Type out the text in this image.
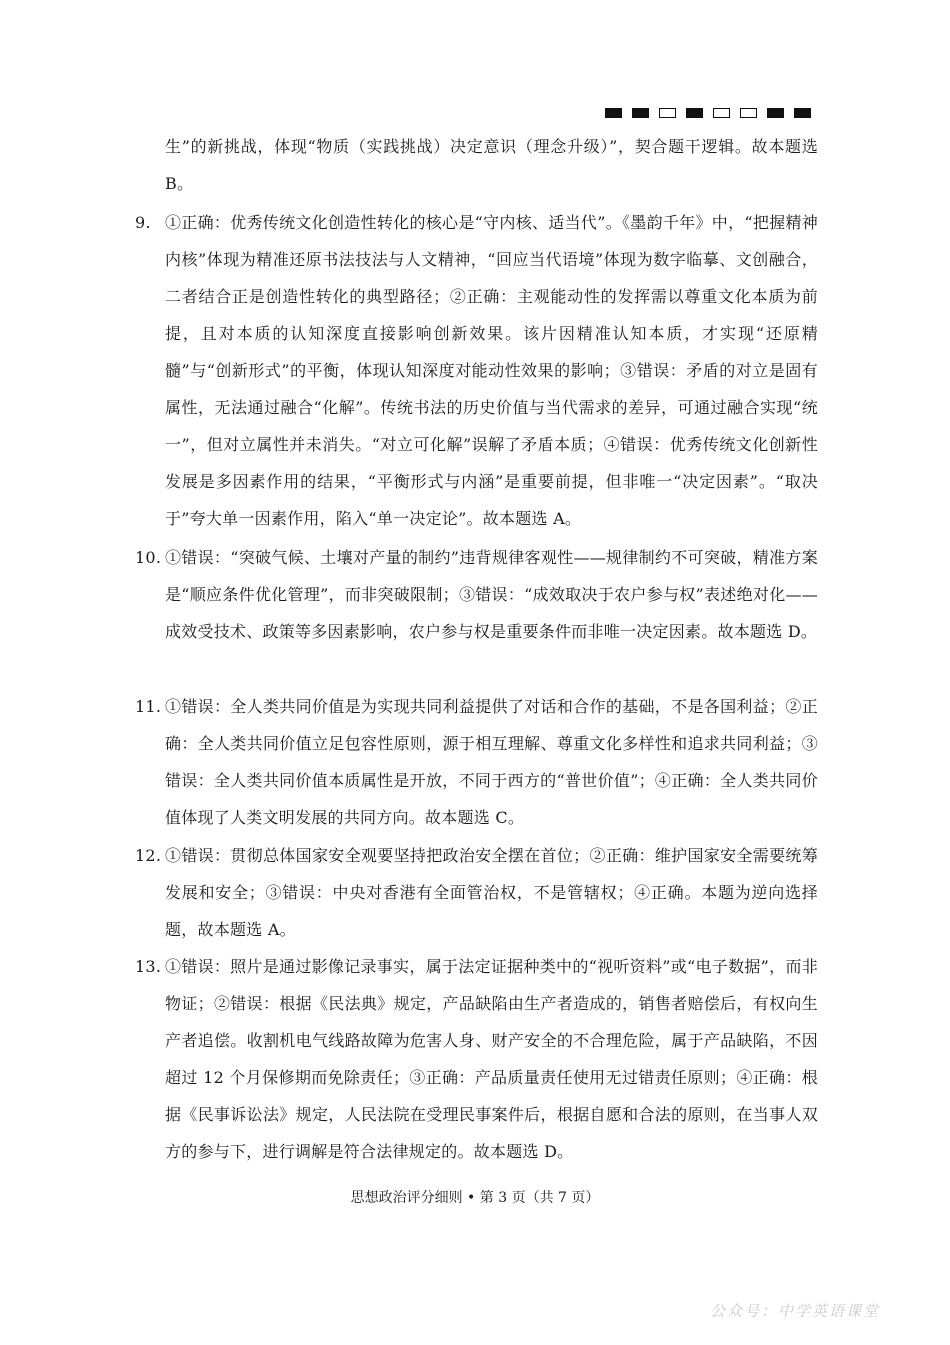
生”的新挑战，体现“物质（实践挑战）决定意识（理念升级）”，契合题干逻辑。故本题选 B。
9. ①正确：优秀传统文化创造性转化的核心是“守内核、适当代”。《墨韵千年》中，“把握精神内核”体现为精准还原书法技法与人文精神，“回应当代语境”体现为数字临摹、文创融合，二者结合正是创造性转化的典型路径；②正确：主观能动性的发挥需以尊重文化本质为前提，且对本质的认知深度直接影响创新效果。该片因精准认知本质，才实现“还原精髓”与“创新形式”的平衡，体现认知深度对能动性效果的影响；③错误：矛盾的对立是固有属性，无法通过融合“化解”。传统书法的历史价值与当代需求的差异，可通过融合实现“统一”，但对立属性并未消失。“对立可化解”误解了矛盾本质；④错误：优秀传统文化创新性发展是多因素作用的结果，“平衡形式与内涵”是重要前提，但非唯一“决定因素”。“取决于”夸大单一因素作用，陷入“单一决定论”。故本题选 A。
10. ①错误：“突破气候、土壤对产量的制约”违背规律客观性——规律制约不可突破，精准方案是“顺应条件优化管理”，而非突破限制；③错误：“成效取决于农户参与权”表述绝对化——成效受技术、政策等多因素影响，农户参与权是重要条件而非唯一决定因素。故本题选 D。
11. ①错误：全人类共同价值是为实现共同利益提供了对话和合作的基础，不是各国利益；②正确：全人类共同价值立足包容性原则，源于相互理解、尊重文化多样性和追求共同利益；③错误：全人类共同价值本质属性是开放，不同于西方的“普世价值”；④正确：全人类共同价值体现了人类文明发展的共同方向。故本题选 C。
12. ①错误：贯彻总体国家安全观要坚持把政治安全摆在首位；②正确：维护国家安全需要统筹发展和安全；③错误：中央对香港有全面管治权，不是管辖权；④正确。本题为逆向选择题，故本题选 A。
13. ①错误：照片是通过影像记录事实，属于法定证据种类中的“视听资料”或“电子数据”，而非物证；②错误：根据《民法典》规定，产品缺陷由生产者造成的，销售者赔偿后，有权向生产者追偿。收割机电气线路故障为危害人身、财产安全的不合理危险，属于产品缺陷，不因超过 12 个月保修期而免除责任；③正确：产品质量责任使用无过错责任原则；④正确：根据《民事诉讼法》规定，人民法院在受理民事案件后，根据自愿和合法的原则，在当事人双方的参与下，进行调解是符合法律规定的。故本题选 D。
思想政治评分细则 • 第 3 页（共 7 页）
公众号：中学英语课堂
